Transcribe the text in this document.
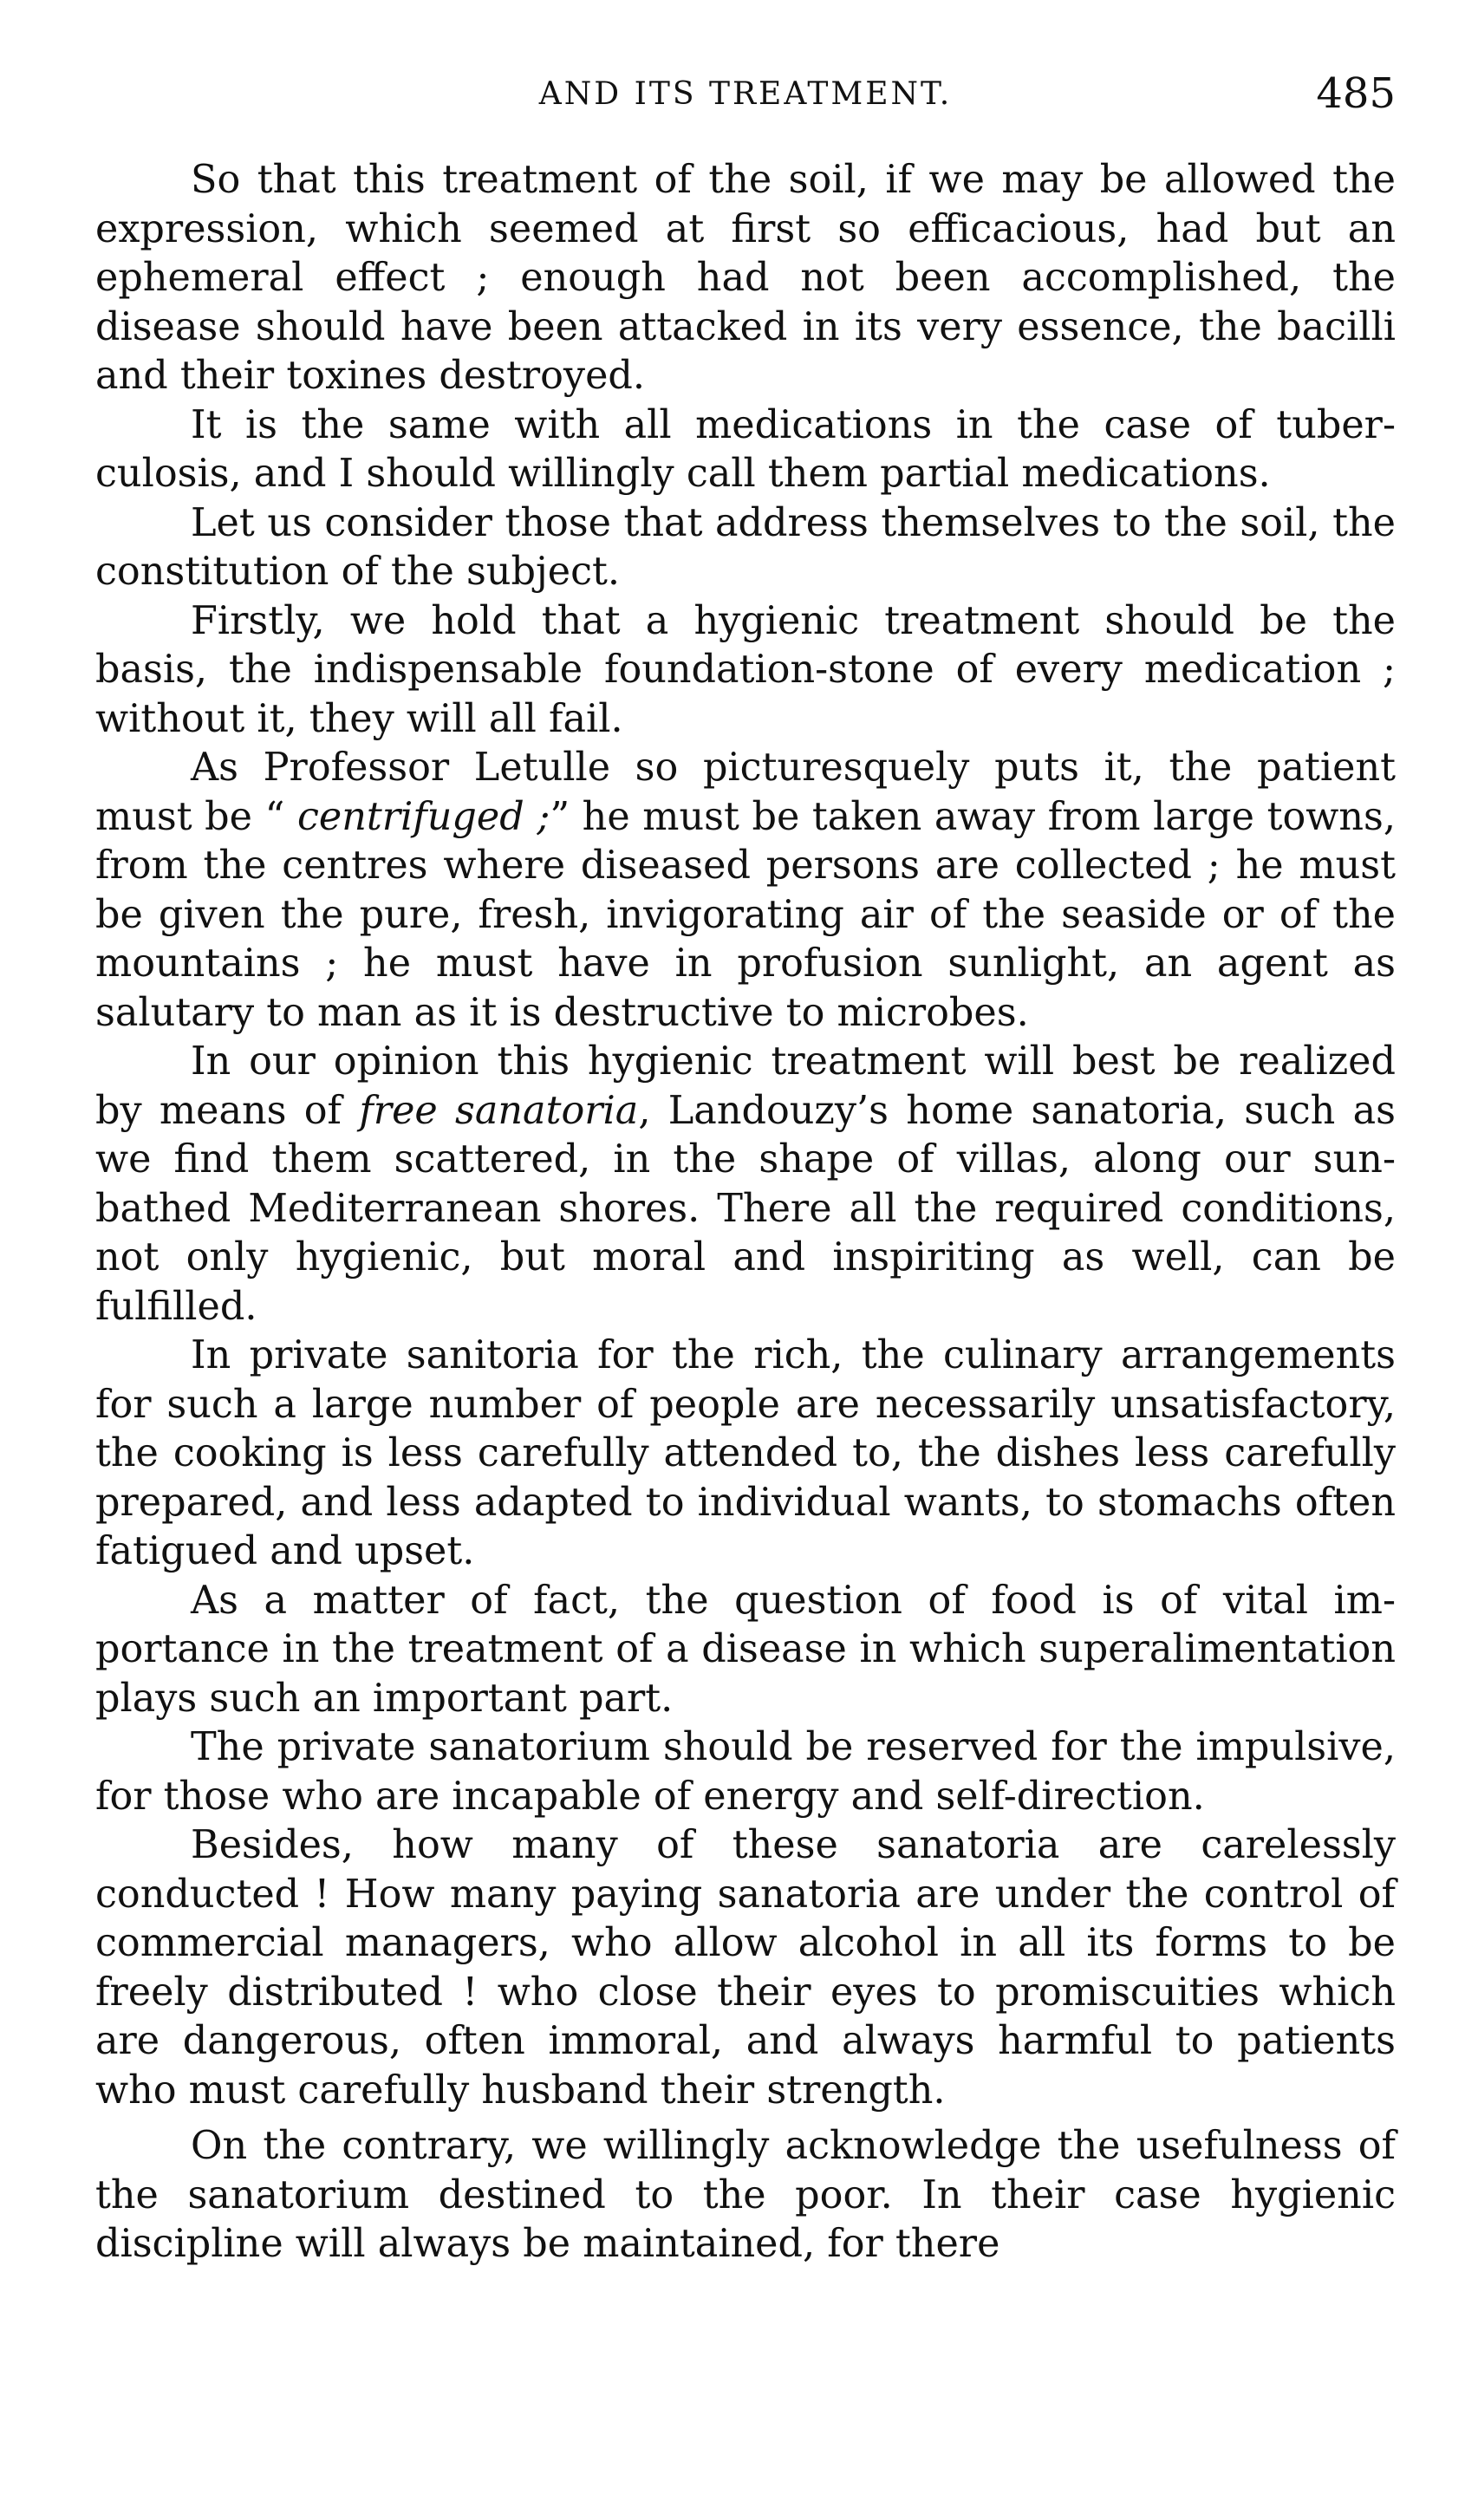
AND ITS TREATMENT.	485

So that this treatment of the soil, if we may be allowed the expression, which seemed at first so efficacious, had but an ephemeral effect ; enough had not been accomplished, the disease should have been attacked in its very essence, the bacilli and their toxines destroyed.

It is the same with all medications in the case of tuberculosis, and I should willingly call them partial medications.

Let us consider those that address themselves to the soil, the constitution of the subject.

Firstly, we hold that a hygienic treatment should be the basis, the indispensable foundation-stone of every medication ; without it, they will all fail.

As Professor Letulle so picturesquely puts it, the patient must be “ centrifuged ;” he must be taken away from large towns, from the centres where diseased persons are collected ; he must be given the pure, fresh, invigorating air of the seaside or of the mountains ; he must have in profusion sunlight, an agent as salutary to man as it is destructive to microbes.

In our opinion this hygienic treatment will best be realized by means of free sanatoria, Landouzy’s home sanatoria, such as we find them scattered, in the shape of villas, along our sun-bathed Mediterranean shores. There all the required conditions, not only hygienic, but moral and inspiriting as well, can be fulfilled.

In private sanitoria for the rich, the culinary arrangements for such a large number of people are necessarily unsatisfactory, the cooking is less carefully attended to, the dishes less carefully prepared, and less adapted to individual wants, to stomachs often fatigued and upset.

As a matter of fact, the question of food is of vital importance in the treatment of a disease in which superalimentation plays such an important part.

The private sanatorium should be reserved for the impulsive, for those who are incapable of energy and self-direction.

Besides, how many of these sanatoria are carelessly conducted ! How many paying sanatoria are under the control of commercial managers, who allow alcohol in all its forms to be freely distributed ! who close their eyes to promiscuities which are dangerous, often immoral, and always harmful to patients who must carefully husband their strength.

On the contrary, we willingly acknowledge the usefulness of the sanatorium destined to the poor. In their case hygienic discipline will always be maintained, for there
